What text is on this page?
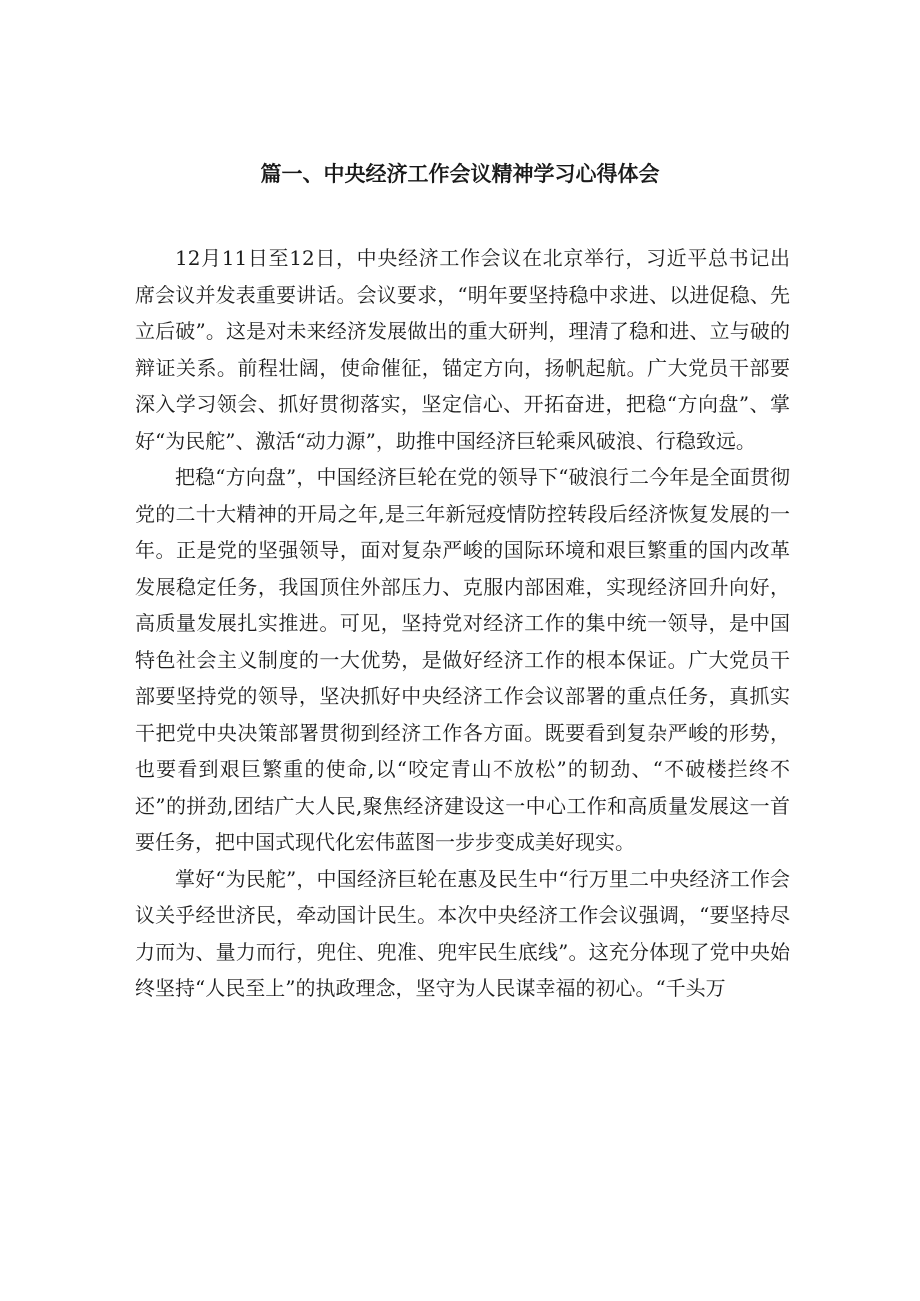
篇一、中央经济工作会议精神学习心得体会

12月11日至12日，中央经济工作会议在北京举行，习近平总书记出席会议并发表重要讲话。会议要求，“明年要坚持稳中求进、以进促稳、先立后破”。这是对未来经济发展做出的重大研判，理清了稳和进、立与破的辩证关系。前程壮阔，使命催征，锚定方向，扬帆起航。广大党员干部要深入学习领会、抓好贯彻落实，坚定信心、开拓奋进，把稳“方向盘”、掌好“为民舵”、激活“动力源”，助推中国经济巨轮乘风破浪、行稳致远。

把稳“方向盘”，中国经济巨轮在党的领导下“破浪行二今年是全面贯彻党的二十大精神的开局之年,是三年新冠疫情防控转段后经济恢复发展的一年。正是党的坚强领导，面对复杂严峻的国际环境和艰巨繁重的国内改革发展稳定任务，我国顶住外部压力、克服内部困难，实现经济回升向好，高质量发展扎实推进。可见，坚持党对经济工作的集中统一领导，是中国特色社会主义制度的一大优势，是做好经济工作的根本保证。广大党员干部要坚持党的领导，坚决抓好中央经济工作会议部署的重点任务，真抓实干把党中央决策部署贯彻到经济工作各方面。既要看到复杂严峻的形势，也要看到艰巨繁重的使命,以“咬定青山不放松”的韧劲、“不破楼拦终不还”的拼劲,团结广大人民,聚焦经济建设这一中心工作和高质量发展这一首要任务，把中国式现代化宏伟蓝图一步步变成美好现实。

掌好“为民舵”，中国经济巨轮在惠及民生中“行万里二中央经济工作会议关乎经世济民，牵动国计民生。本次中央经济工作会议强调，“要坚持尽力而为、量力而行，兜住、兜准、兜牢民生底线”。这充分体现了党中央始终坚持“人民至上”的执政理念，坚守为人民谋幸福的初心。“千头万
